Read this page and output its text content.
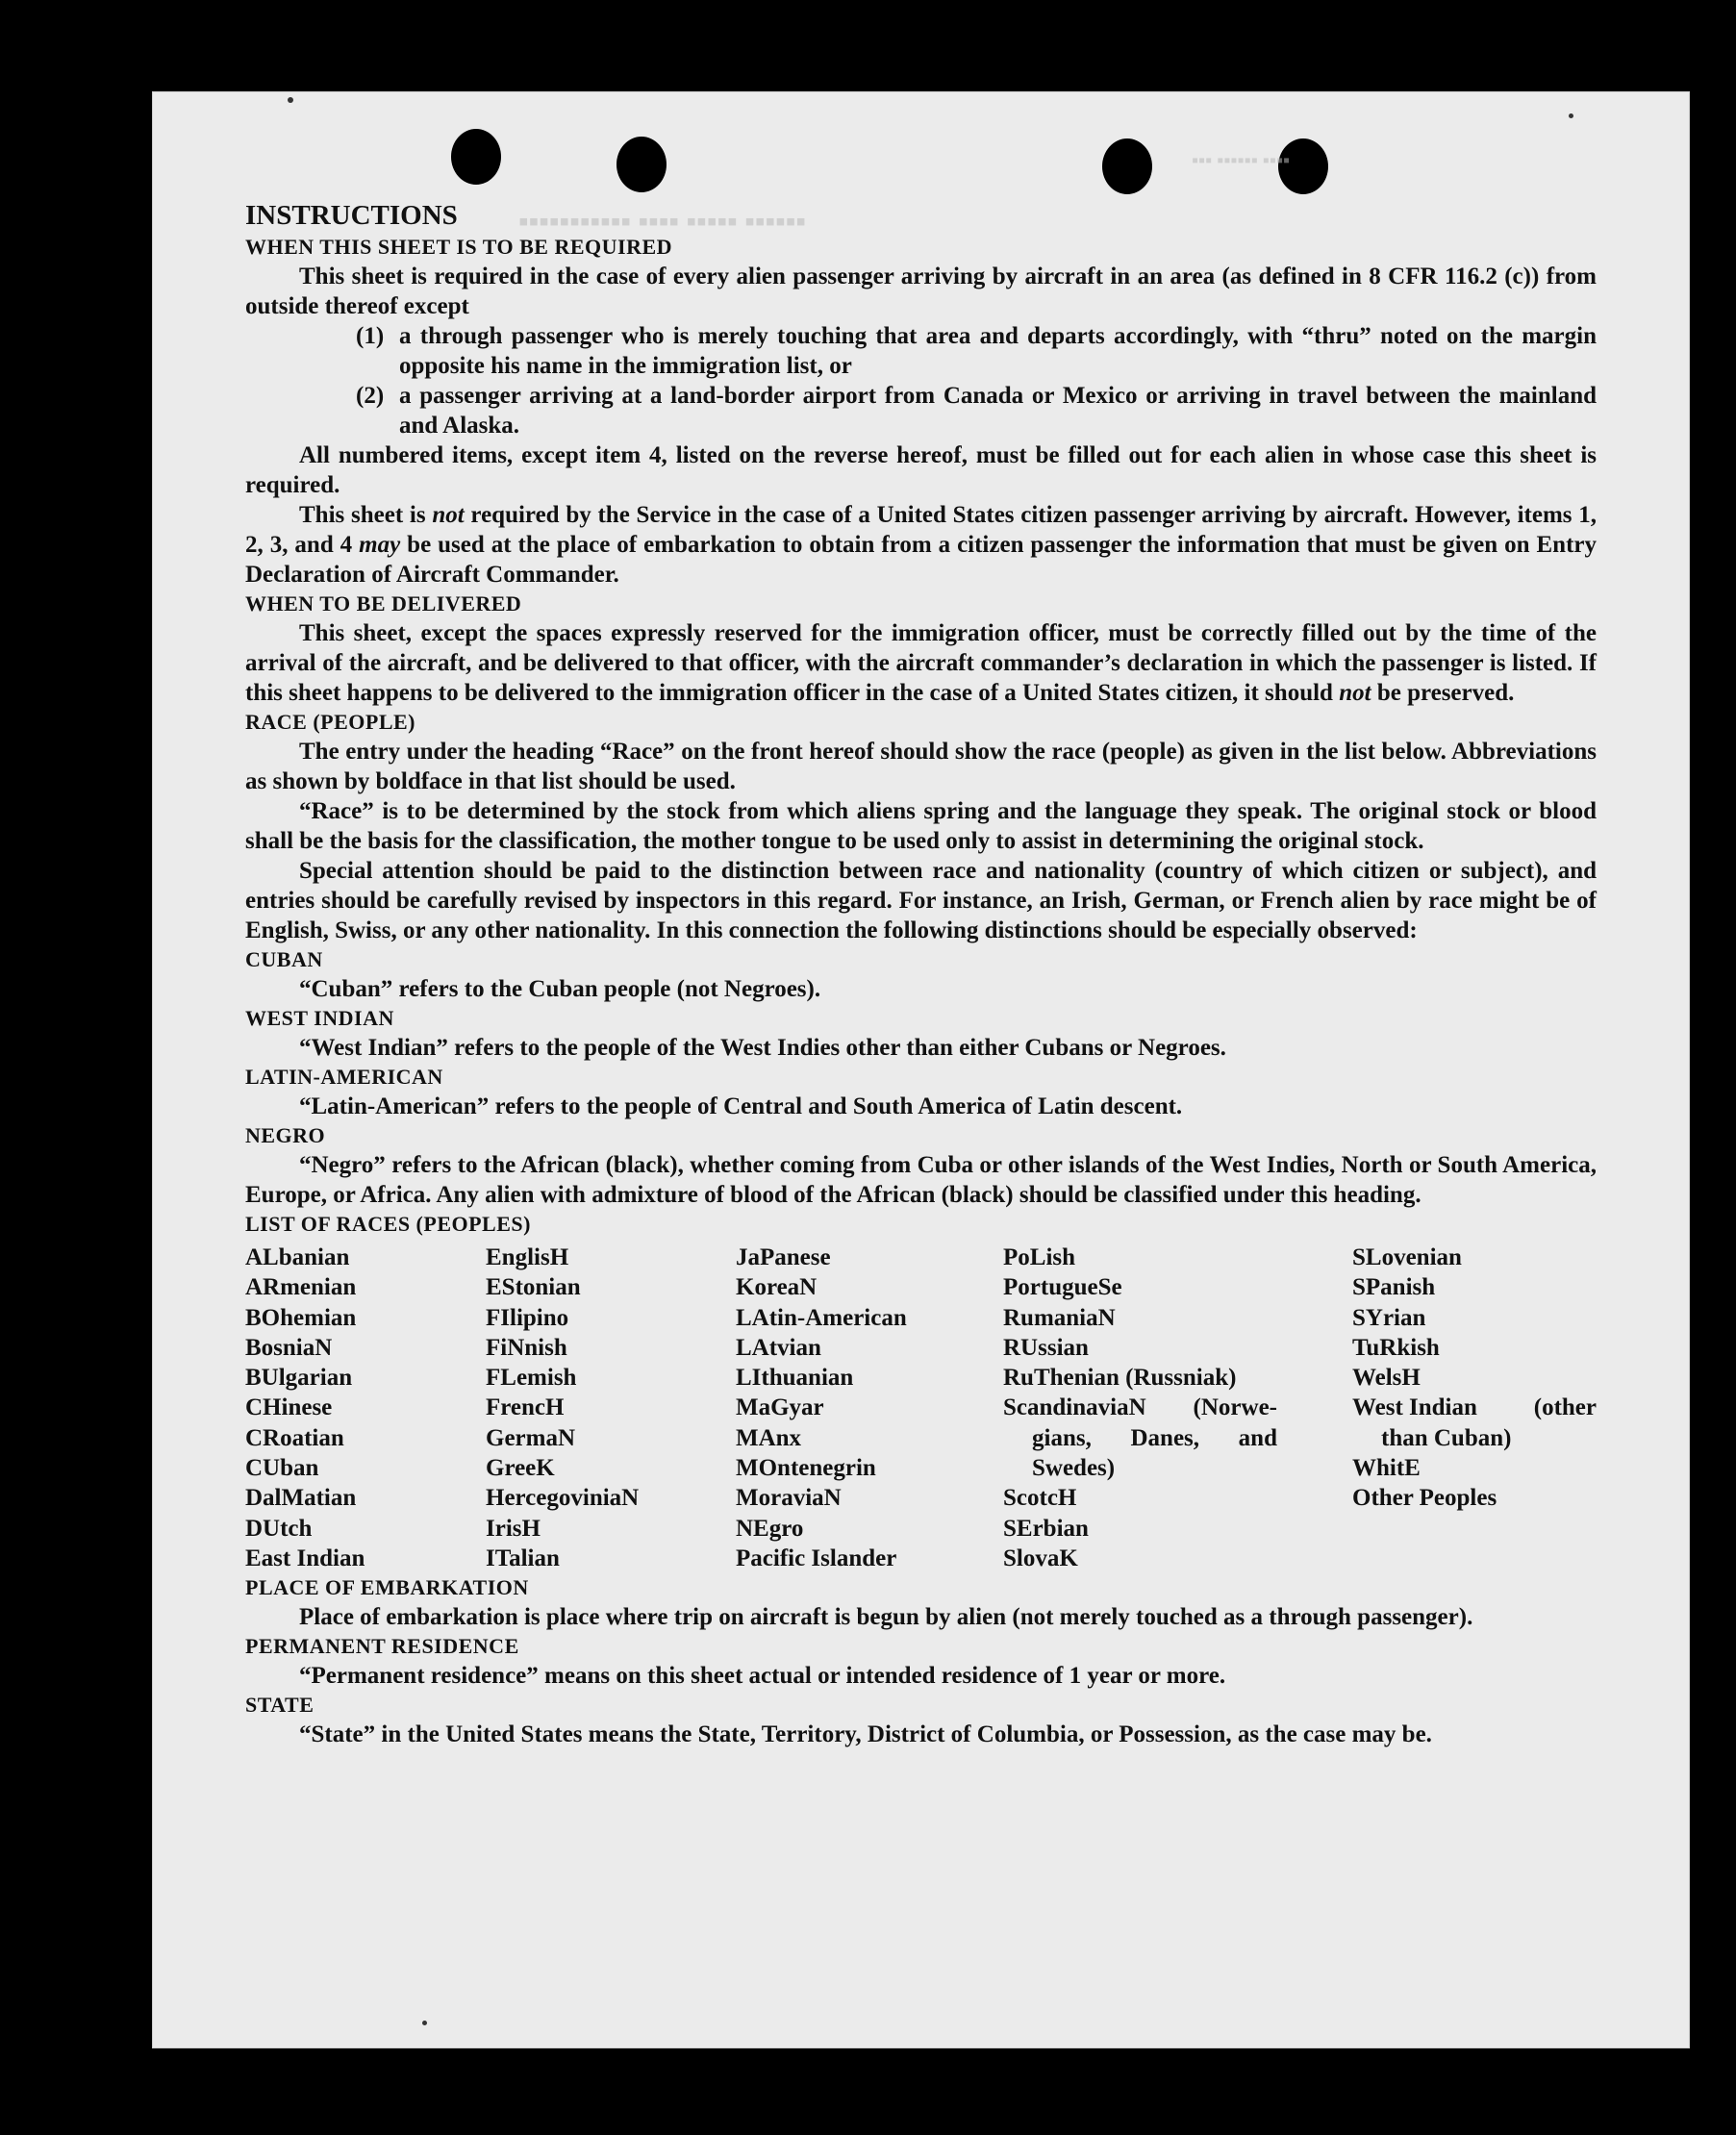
▪▪▪▪ ▪▪▪▪▪▪ ▪▪▪
▪▪▪▪▪▪ ▪▪▪▪▪ ▪▪▪▪ ▪▪▪▪▪▪▪▪▪▪▪

INSTRUCTIONS

WHEN THIS SHEET IS TO BE REQUIRED

This sheet is required in the case of every alien passenger arriving by aircraft in an area (as defined in 8 CFR 116.2 (c)) from outside thereof except

(1) a through passenger who is merely touching that area and departs accordingly, with “thru” noted on the margin opposite his name in the immigration list, or
(2) a passenger arriving at a land-border airport from Canada or Mexico or arriving in travel between the mainland and Alaska.

All numbered items, except item 4, listed on the reverse hereof, must be filled out for each alien in whose case this sheet is required.

This sheet is not required by the Service in the case of a United States citizen passenger arriving by aircraft. However, items 1, 2, 3, and 4 may be used at the place of embarkation to obtain from a citizen passenger the information that must be given on Entry Declaration of Aircraft Commander.

WHEN TO BE DELIVERED

This sheet, except the spaces expressly reserved for the immigration officer, must be correctly filled out by the time of the arrival of the aircraft, and be delivered to that officer, with the aircraft commander’s declaration in which the passenger is listed. If this sheet happens to be delivered to the immigration officer in the case of a United States citizen, it should not be preserved.

RACE (PEOPLE)

The entry under the heading “Race” on the front hereof should show the race (people) as given in the list below. Abbreviations as shown by boldface in that list should be used.

“Race” is to be determined by the stock from which aliens spring and the language they speak. The original stock or blood shall be the basis for the classification, the mother tongue to be used only to assist in determining the original stock.

Special attention should be paid to the distinction between race and nationality (country of which citizen or subject), and entries should be carefully revised by inspectors in this regard. For instance, an Irish, German, or French alien by race might be of English, Swiss, or any other nationality. In this connection the following distinctions should be especially observed:

CUBAN

“Cuban” refers to the Cuban people (not Negroes).

WEST INDIAN

“West Indian” refers to the people of the West Indies other than either Cubans or Negroes.

LATIN-AMERICAN

“Latin-American” refers to the people of Central and South America of Latin descent.

NEGRO

“Negro” refers to the African (black), whether coming from Cuba or other islands of the West Indies, North or South America, Europe, or Africa. Any alien with admixture of blood of the African (black) should be classified under this heading.

LIST OF RACES (PEOPLES)

ALbanian
ARmenian
BOhemian
BosniaN
BUlgarian
CHinese
CRoatian
CUban
DalMatian
DUtch
East Indian
EnglisH
EStonian
FIlipino
FiNnish
FLemish
FrencH
GermaN
GreeK
HercegoviniaN
IrisH
ITalian
JaPanese
KoreaN
LAtin-American
LAtvian
LIthuanian
MaGyar
MAnx
MOntenegrin
MoraviaN
NEgro
Pacific Islander
PoLish
PortugueSe
RumaniaN
RUssian
RuThenian (Russniak)
ScandinaviaN (Norwe-
gians, Danes, and
Swedes)
ScotcH
SErbian
SlovaK
SLovenian
SPanish
SYrian
TuRkish
WelsH
West Indian (other
than Cuban)
WhitE
Other Peoples

PLACE OF EMBARKATION

Place of embarkation is place where trip on aircraft is begun by alien (not merely touched as a through passenger).

PERMANENT RESIDENCE

“Permanent residence” means on this sheet actual or intended residence of 1 year or more.

STATE

“State” in the United States means the State, Territory, District of Columbia, or Possession, as the case may be.
